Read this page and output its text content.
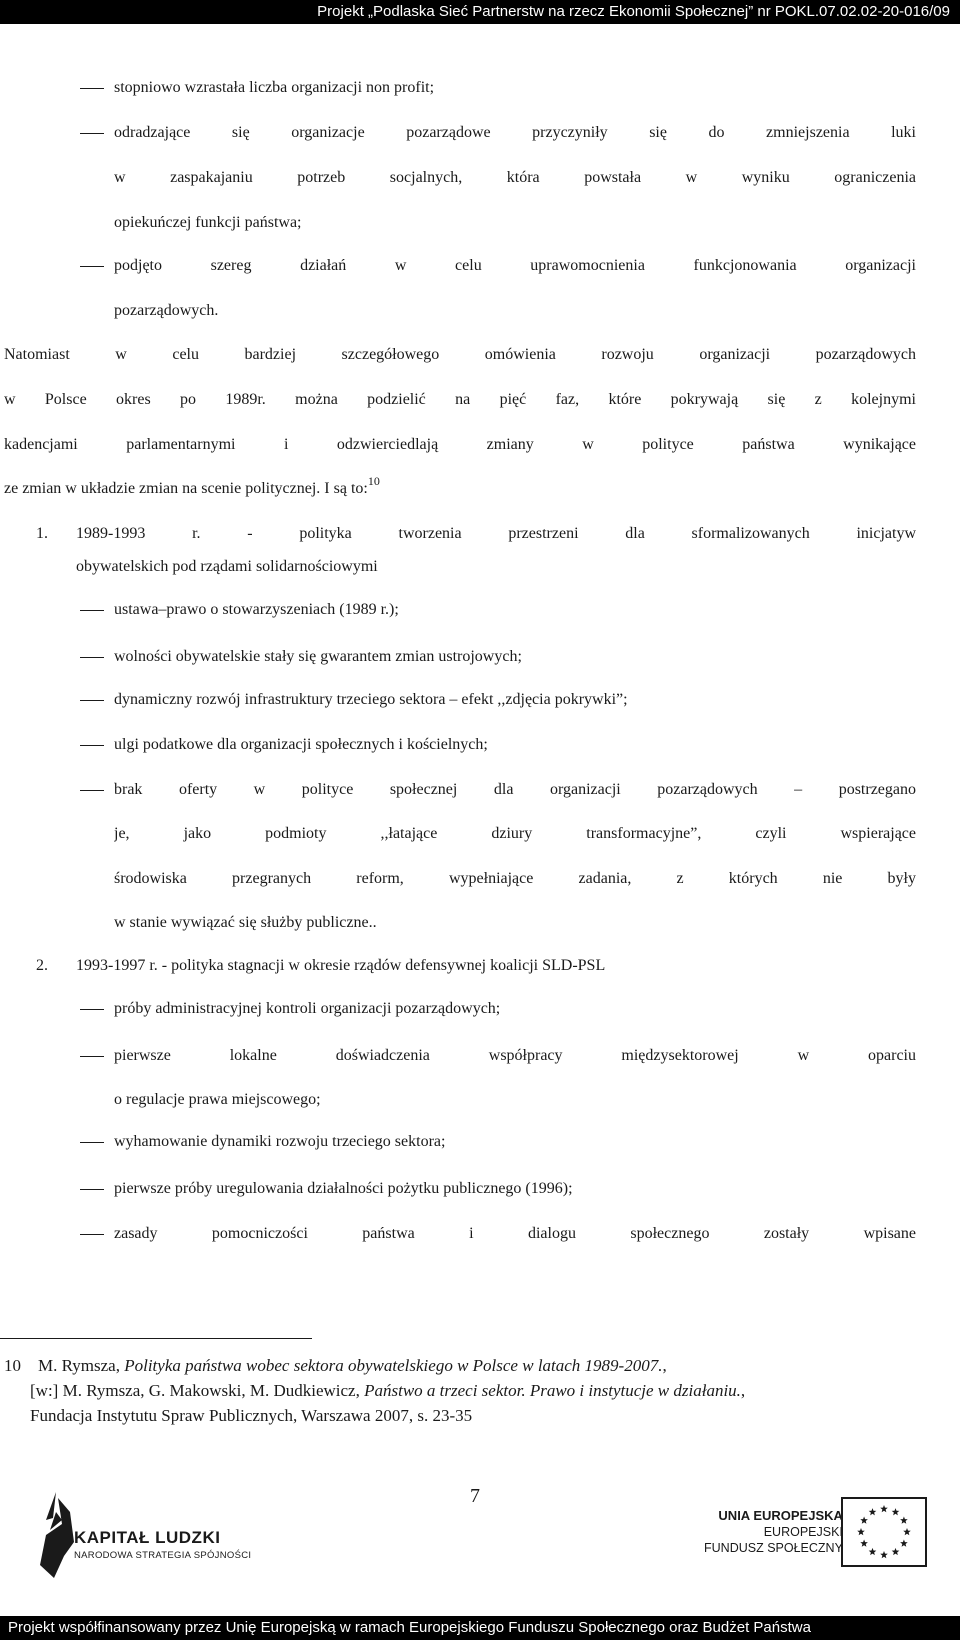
Projekt „Podlaska Sieć Partnerstw na rzecz Ekonomii Społecznej” nr POKL.07.02.02-20-016/09
stopniowo wzrastała liczba organizacji non profit;
odradzające się organizacje pozarządowe przyczyniły się do zmniejszenia luki
w zaspakajaniu potrzeb socjalnych, która powstała w wyniku ograniczenia
opiekuńczej funkcji państwa;
podjęto szereg działań w celu uprawomocnienia funkcjonowania organizacji
pozarządowych.
Natomiast w celu bardziej szczegółowego omówienia rozwoju organizacji pozarządowych
w Polsce okres po 1989r. można podzielić na pięć faz, które pokrywają się z kolejnymi
kadencjami parlamentarnymi i odzwierciedlają zmiany w polityce państwa wynikające
ze zmian w układzie zmian na scenie politycznej. I są to:$^{10}$
1. 1989-1993 r. - polityka tworzenia przestrzeni dla sformalizowanych inicjatyw
obywatelskich pod rządami solidarnościowymi
ustawa–prawo o stowarzyszeniach (1989 r.);
wolności obywatelskie stały się gwarantem zmian ustrojowych;
dynamiczny rozwój infrastruktury trzeciego sektora – efekt ,,zdjęcia pokrywki”;
ulgi podatkowe dla organizacji społecznych i kościelnych;
brak oferty w polityce społecznej dla organizacji pozarządowych – postrzegano
je, jako podmioty ,,łatające dziury transformacyjne”, czyli wspierające
środowiska przegranych reform, wypełniające zadania, z których nie były
w stanie wywiązać się służby publiczne..
2. 1993-1997 r. - polityka stagnacji w okresie rządów defensywnej koalicji SLD-PSL
próby administracyjnej kontroli organizacji pozarządowych;
pierwsze lokalne doświadczenia współpracy międzysektorowej w oparciu
o regulacje prawa miejscowego;
wyhamowanie dynamiki rozwoju trzeciego sektora;
pierwsze próby uregulowania działalności pożytku publicznego (1996);
zasady pomocniczości państwa i dialogu społecznego zostały wpisane
10 M. Rymsza, Polityka państwa wobec sektora obywatelskiego w Polsce w latach 1989-2007.,
[w:] M. Rymsza, G. Makowski, M. Dudkiewicz, Państwo a trzeci sektor. Prawo i instytucje w działaniu.,
Fundacja Instytutu Spraw Publicznych, Warszawa 2007, s. 23-35
7
KAPITAŁ LUDZKI
NARODOWA STRATEGIA SPÓJNOŚCI
UNIA EUROPEJSKA
EUROPEJSKI
FUNDUSZ SPOŁECZNY
Projekt współfinansowany przez Unię Europejską w ramach Europejskiego Funduszu Społecznego oraz Budżet Państwa
